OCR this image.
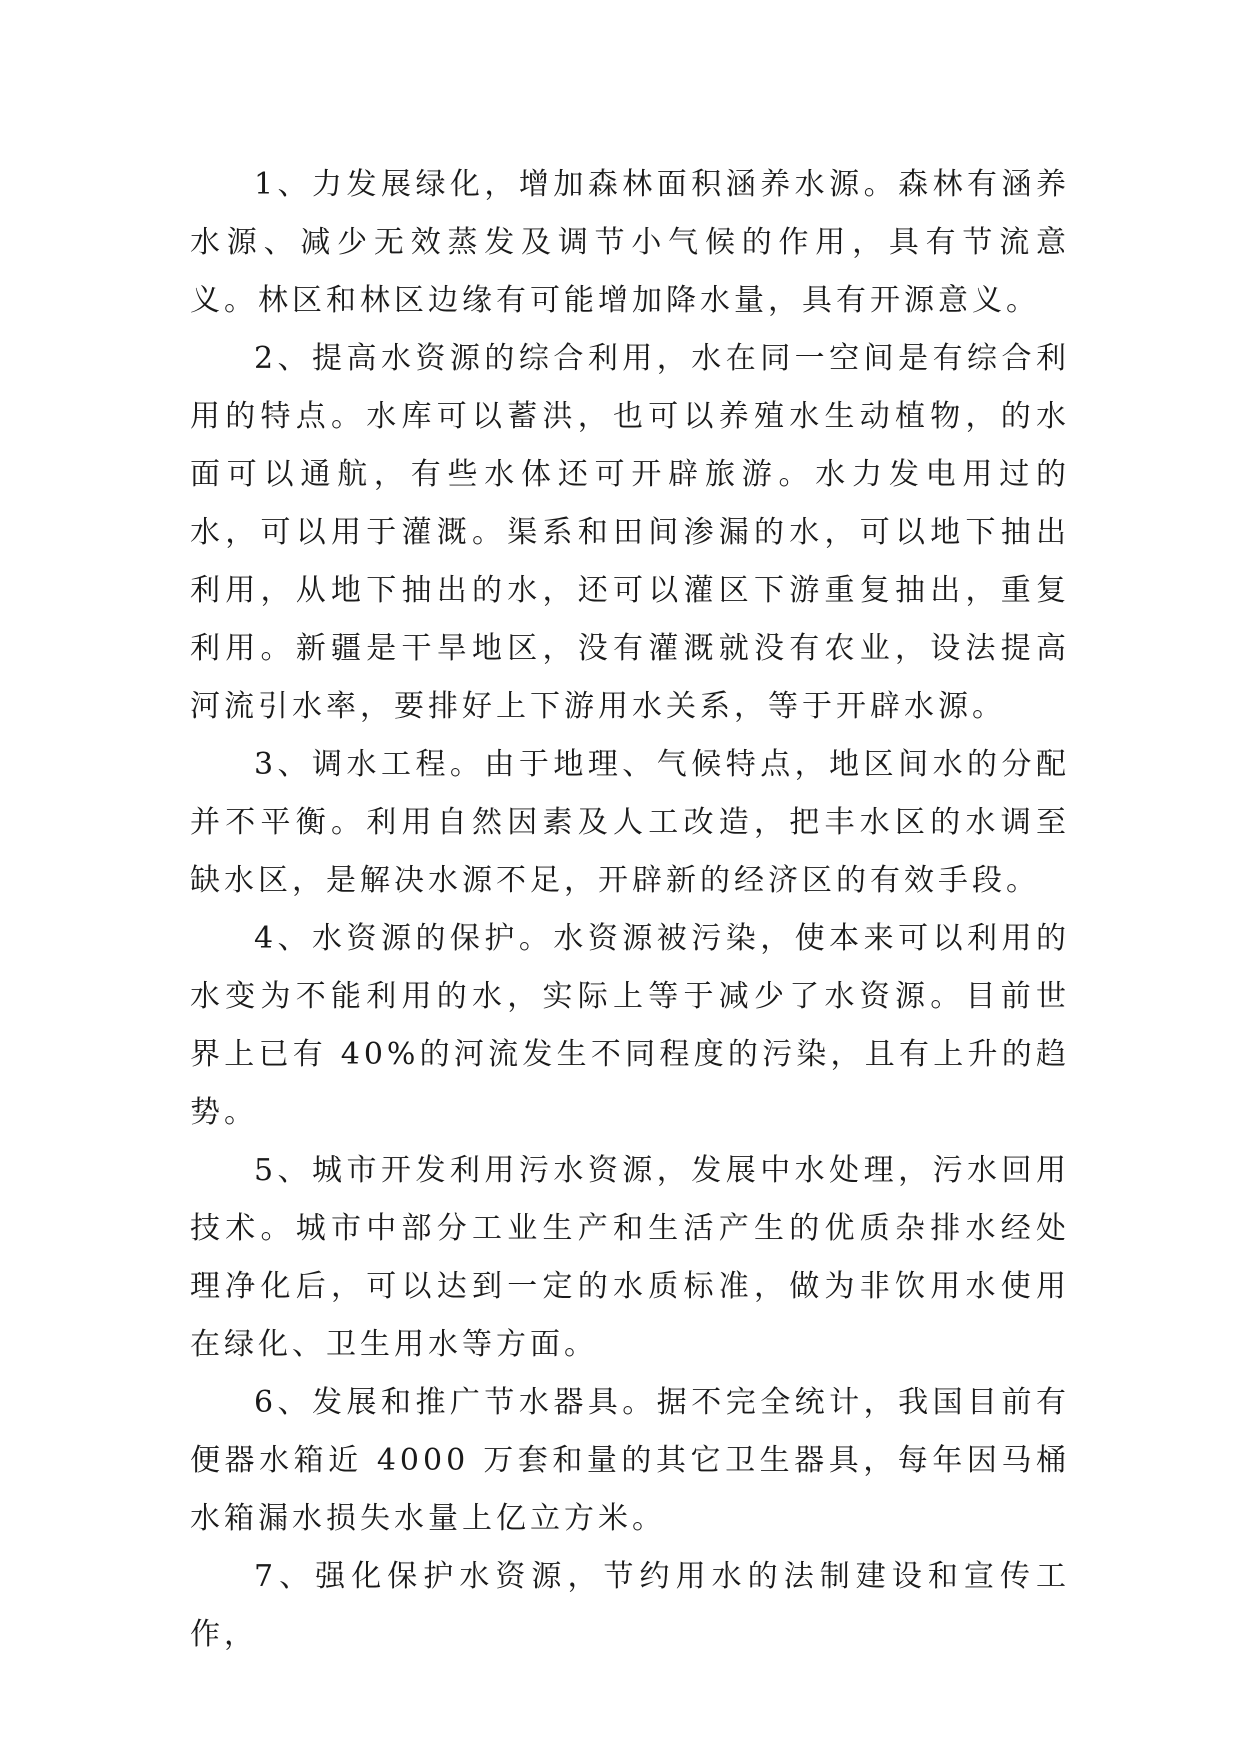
1、力发展绿化，增加森林面积涵养水源。森林有涵养水源、减少无效蒸发及调节小气候的作用，具有节流意义。林区和林区边缘有可能增加降水量，具有开源意义。

2、提高水资源的综合利用，水在同一空间是有综合利用的特点。水库可以蓄洪，也可以养殖水生动植物，的水面可以通航，有些水体还可开辟旅游。水力发电用过的水，可以用于灌溉。渠系和田间渗漏的水，可以地下抽出利用，从地下抽出的水，还可以灌区下游重复抽出，重复利用。新疆是干旱地区，没有灌溉就没有农业，设法提高河流引水率，要排好上下游用水关系，等于开辟水源。

3、调水工程。由于地理、气候特点，地区间水的分配并不平衡。利用自然因素及人工改造，把丰水区的水调至缺水区，是解决水源不足，开辟新的经济区的有效手段。

4、水资源的保护。水资源被污染，使本来可以利用的水变为不能利用的水，实际上等于减少了水资源。目前世界上已有 40%的河流发生不同程度的污染，且有上升的趋势。

5、城市开发利用污水资源，发展中水处理，污水回用技术。城市中部分工业生产和生活产生的优质杂排水经处理净化后，可以达到一定的水质标准，做为非饮用水使用在绿化、卫生用水等方面。

6、发展和推广节水器具。据不完全统计，我国目前有便器水箱近 4000 万套和量的其它卫生器具，每年因马桶水箱漏水损失水量上亿立方米。

7、强化保护水资源，节约用水的法制建设和宣传工作，
